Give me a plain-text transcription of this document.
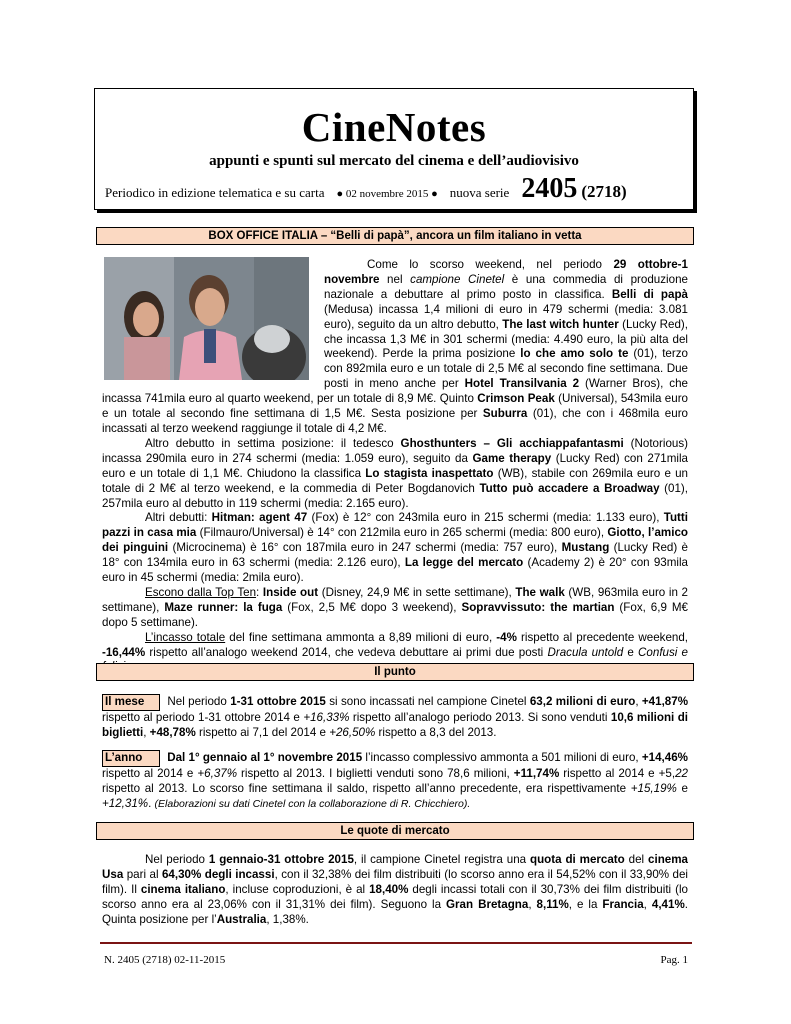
CineNotes
appunti e spunti sul mercato del cinema e dell’audiovisivo
Periodico in edizione telematica e su carta ● 02 novembre 2015 ● nuova serie 2405 (2718)
BOX OFFICE ITALIA – “Belli di papà”, ancora un film italiano in vetta

Come lo scorso weekend, nel periodo 29 ottobre-1 novembre nel campione Cinetel è una commedia di produzione nazionale a debuttare al primo posto in classifica. Belli di papà (Medusa) incassa 1,4 milioni di euro in 479 schermi (media: 3.081 euro), seguito da un altro debutto, The last witch hunter (Lucky Red), che incassa 1,3 M€ in 301 schermi (media: 4.490 euro, la più alta del weekend). Perde la prima posizione lo che amo solo te (01), terzo con 892mila euro e un totale di 2,5 M€ al secondo fine settimana. Due posti in meno anche per Hotel Transilvania 2 (Warner Bros), che incassa 741mila euro al quarto weekend, per un totale di 8,9 M€. Quinto Crimson Peak (Universal), 543mila euro e un totale al secondo fine settimana di 1,5 M€. Sesta posizione per Suburra (01), che con i 468mila euro incassati al terzo weekend raggiunge il totale di 4,2 M€.

Altro debutto in settima posizione: il tedesco Ghosthunters – Gli acchiappafantasmi (Notorious) incassa 290mila euro in 274 schermi (media: 1.059 euro), seguito da Game therapy (Lucky Red) con 271mila euro e un totale di 1,1 M€. Chiudono la classifica Lo stagista inaspettato (WB), stabile con 269mila euro e un totale di 2 M€ al terzo weekend, e la commedia di Peter Bogdanovich Tutto può accadere a Broadway (01), 257mila euro al debutto in 119 schermi (media: 2.165 euro).

Altri debutti: Hitman: agent 47 (Fox) è 12° con 243mila euro in 215 schermi (media: 1.133 euro), Tutti pazzi in casa mia (Filmauro/Universal) è 14° con 212mila euro in 265 schermi (media: 800 euro), Giotto, l’amico dei pinguini (Microcinema) è 16° con 187mila euro in 247 schermi (media: 757 euro), Mustang (Lucky Red) è 18° con 134mila euro in 63 schermi (media: 2.126 euro), La legge del mercato (Academy 2) è 20° con 93mila euro in 45 schermi (media: 2mila euro).

Escono dalla Top Ten: Inside out (Disney, 24,9 M€ in sette settimane), The walk (WB, 963mila euro in 2 settimane), Maze runner: la fuga (Fox, 2,5 M€ dopo 3 weekend), Sopravvissuto: the martian (Fox, 6,9 M€ dopo 5 settimane).

L’incasso totale del fine settimana ammonta a 8,89 milioni di euro, -4% rispetto al precedente weekend, -16,44% rispetto all’analogo weekend 2014, che vedeva debuttare ai primi due posti Dracula untold e Confusi e

Il punto

Il mese Nel periodo 1-31 ottobre 2015 si sono incassati nel campione Cinetel 63,2 milioni di euro, +41,87% rispetto al periodo 1-31 ottobre 2014 e +16,33% rispetto all’analogo periodo 2013. Si sono venduti 10,6 milioni di biglietti, +48,78% rispetto ai 7,1 del 2014 e +26,50% rispetto a 8,3 del 2013.

L’anno Dal 1° gennaio al 1° novembre 2015 l’incasso complessivo ammonta a 501 milioni di euro, +14,46% rispetto al 2014 e +6,37% rispetto al 2013. I biglietti venduti sono 78,6 milioni, +11,74% rispetto al 2014 e +5,22 rispetto al 2013. Lo scorso fine settimana il saldo, rispetto all’anno precedente, era rispettivamente +15,19% e +12,31%. (Elaborazioni su dati Cinetel con la collaborazione di R. Chicchiero).

Le quote di mercato

Nel periodo 1 gennaio-31 ottobre 2015, il campione Cinetel registra una quota di mercato del cinema Usa pari al 64,30% degli incassi, con il 32,38% dei film distribuiti (lo scorso anno era il 54,52% con il 33,90% dei film). Il cinema italiano, incluse coproduzioni, è al 18,40% degli incassi totali con il 30,73% dei film distribuiti (lo scorso anno era al 23,06% con il 31,31% dei film). Seguono la Gran Bretagna, 8,11%, e la Francia, 4,41%. Quinta posizione per l’Australia, 1,38%.

N. 2405 (2718) 02-11-2015	Pag. 1
